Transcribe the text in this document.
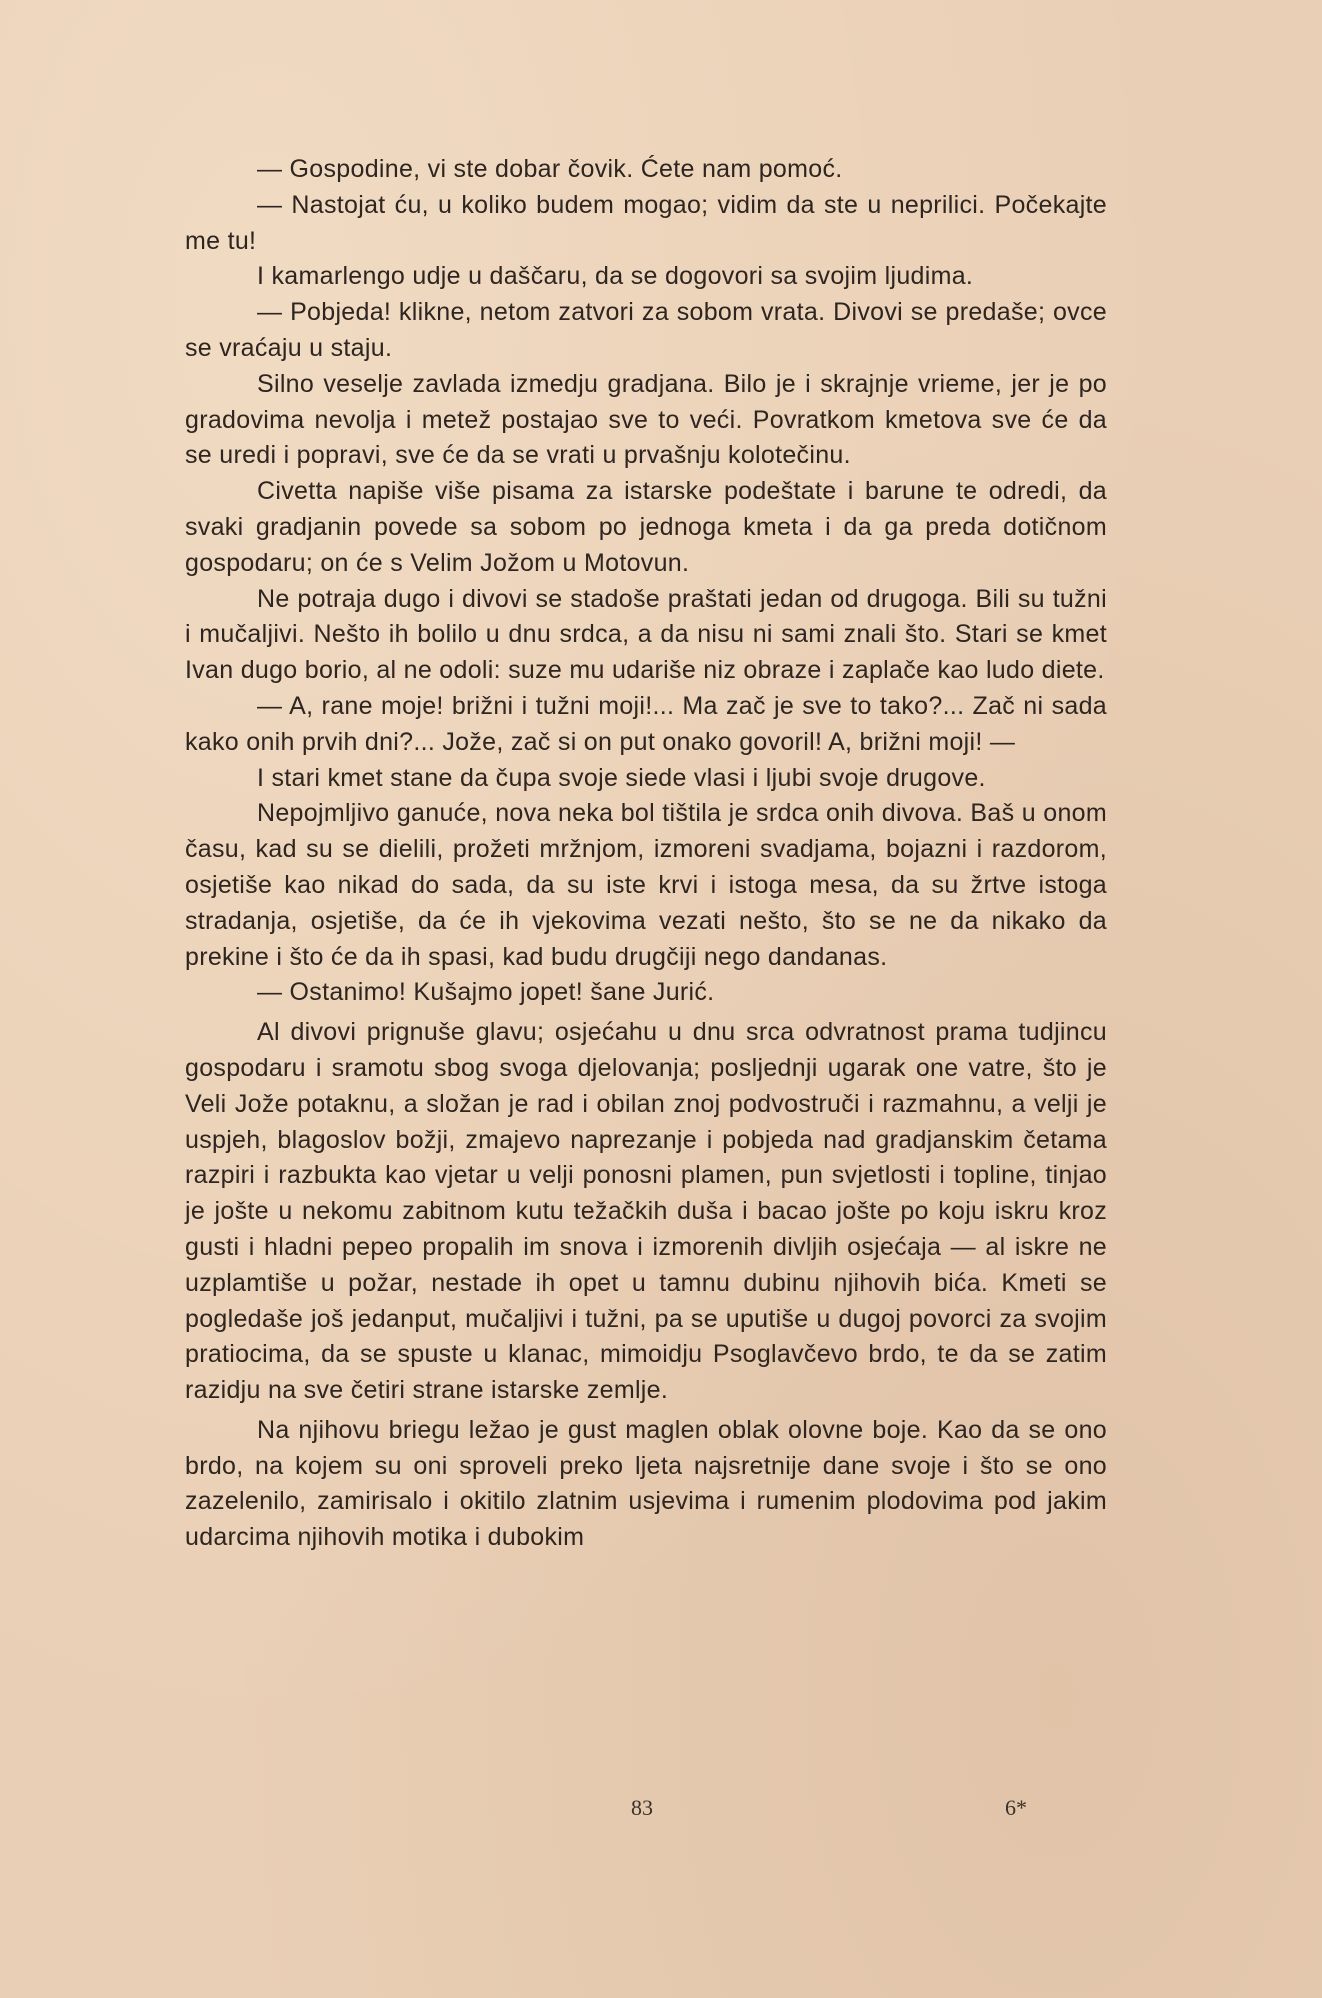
— Gospodine, vi ste dobar čovik. Ćete nam pomoć.

— Nastojat ću, u koliko budem mogao; vidim da ste u neprilici. Počekajte me tu!

I kamarlengo udje u daščaru, da se dogovori sa svojim ljudima.

— Pobjeda! klikne, netom zatvori za sobom vrata. Divovi se predaše; ovce se vraćaju u staju.

Silno veselje zavlada izmedju gradjana. Bilo je i skrajnje vrieme, jer je po gradovima nevolja i metež postajao sve to veći. Povratkom kmetova sve će da se uredi i popravi, sve će da se vrati u prvašnju kolotečinu.

Civetta napiše više pisama za istarske podeštate i barune te odredi, da svaki gradjanin povede sa sobom po jednoga kmeta i da ga preda dotičnom gospodaru; on će s Velim Jožom u Motovun.

Ne potraja dugo i divovi se stadoše praštati jedan od drugoga. Bili su tužni i mučaljivi. Nešto ih bolilo u dnu srdca, a da nisu ni sami znali što. Stari se kmet Ivan dugo borio, al ne odoli: suze mu udariše niz obraze i zaplače kao ludo diete.

— A, rane moje! brižni i tužni moji!... Ma zač je sve to tako?... Zač ni sada kako onih prvih dni?... Jože, zač si on put onako govoril! A, brižni moji! —

I stari kmet stane da čupa svoje siede vlasi i ljubi svoje drugove.

Nepojmljivo ganuće, nova neka bol tištila je srdca onih divova. Baš u onom času, kad su se dielili, prožeti mržnjom, izmoreni svadjama, bojazni i razdorom, osjetiše kao nikad do sada, da su iste krvi i istoga mesa, da su žrtve istoga stradanja, osjetiše, da će ih vjekovima vezati nešto, što se ne da nikako da prekine i što će da ih spasi, kad budu drugčiji nego dandanas.

— Ostanimo! Kušajmo jopet! šane Jurić.

Al divovi prignuše glavu; osjećahu u dnu srca odvratnost prama tudjincu gospodaru i sramotu sbog svoga djelovanja; posljednji ugarak one vatre, što je Veli Jože potaknu, a složan je rad i obilan znoj podvostruči i razmahnu, a velji je uspjeh, blagoslov božji, zmajevo naprezanje i pobjeda nad gradjanskim četama razpiri i razbukta kao vjetar u velji ponosni plamen, pun svjetlosti i topline, tinjao je jošte u nekomu zabitnom kutu težačkih duša i bacao jošte po koju iskru kroz gusti i hladni pepeo propalih im snova i izmorenih divljih osjećaja — al iskre ne uzplamtiše u požar, nestade ih opet u tamnu dubinu njihovih bića. Kmeti se pogledaše još jedanput, mučaljivi i tužni, pa se uputiše u dugoj povorci za svojim pratiocima, da se spuste u klanac, mimoidju Psoglavčevo brdo, te da se zatim razidju na sve četiri strane istarske zemlje.

Na njihovu briegu ležao je gust maglen oblak olovne boje. Kao da se ono brdo, na kojem su oni sproveli preko ljeta najsretnije dane svoje i što se ono zazelenilo, zamirisalo i okitilo zlatnim usjevima i rumenim plodovima pod jakim udarcima njihovih motika i dubokim

83	6*
